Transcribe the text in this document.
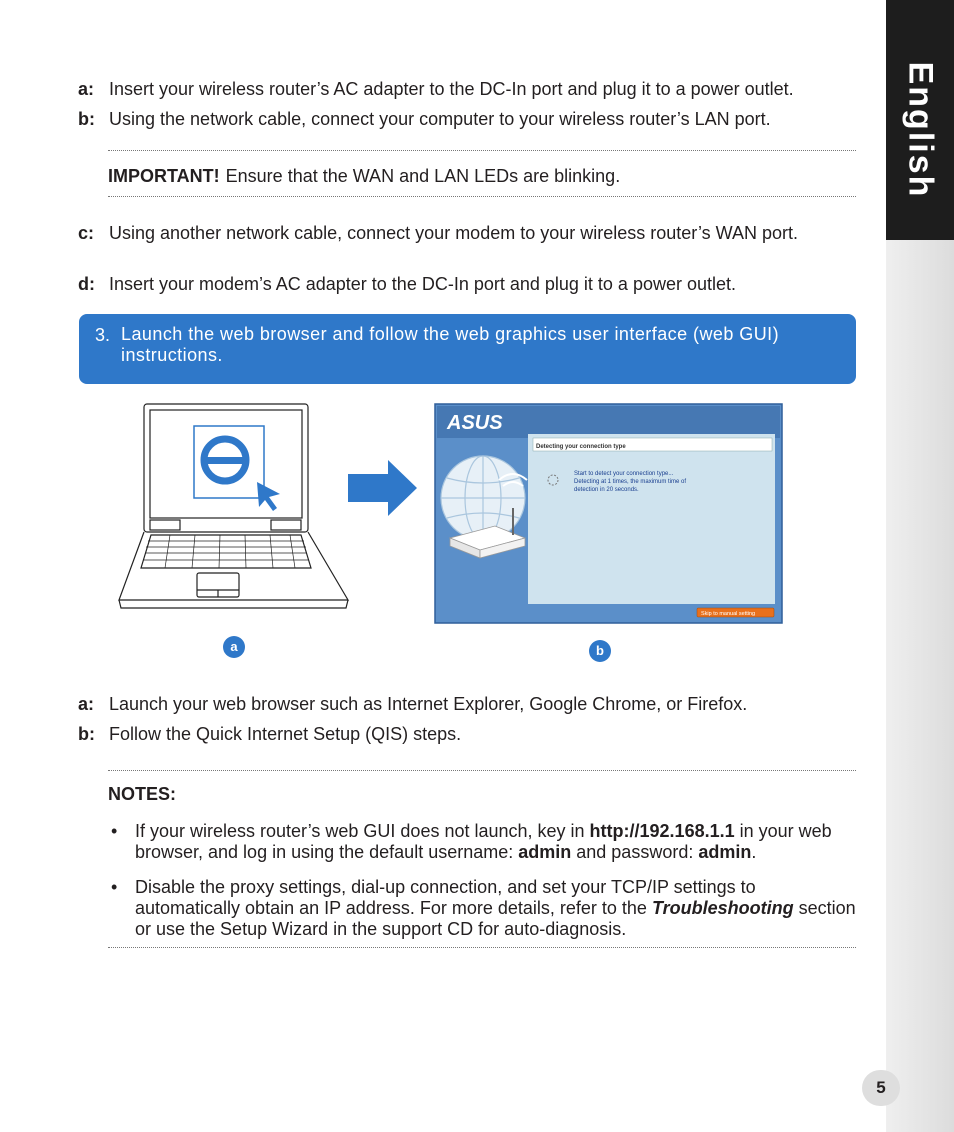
English
5
a: Insert your wireless router’s AC adapter to the DC-In port and plug it to a power outlet.
b: Using the network cable, connect your computer to your wireless router’s LAN port.
IMPORTANT! Ensure that the WAN and LAN LEDs are blinking.
c: Using another network cable, connect your modem to your wireless router’s WAN port.
d: Insert your modem’s AC adapter to the DC-In port and plug it to a power outlet.
3. Launch the web browser and follow the web graphics user interface (web GUI) instructions.
ASUS
Detecting your connection type
Start to detect your connection type...
Detecting at 1 times, the maximum time of
detection in 20 seconds.
Skip to manual setting
a	b
a: Launch your web browser such as Internet Explorer, Google Chrome, or Firefox.
b: Follow the Quick Internet Setup (QIS) steps.
NOTES:
• If your wireless router’s web GUI does not launch, key in http://192.168.1.1 in your web browser, and log in using the default username: admin and password: admin.
• Disable the proxy settings, dial-up connection, and set your TCP/IP settings to automatically obtain an IP address. For more details, refer to the Troubleshooting section or use the Setup Wizard in the support CD for auto-diagnosis.
